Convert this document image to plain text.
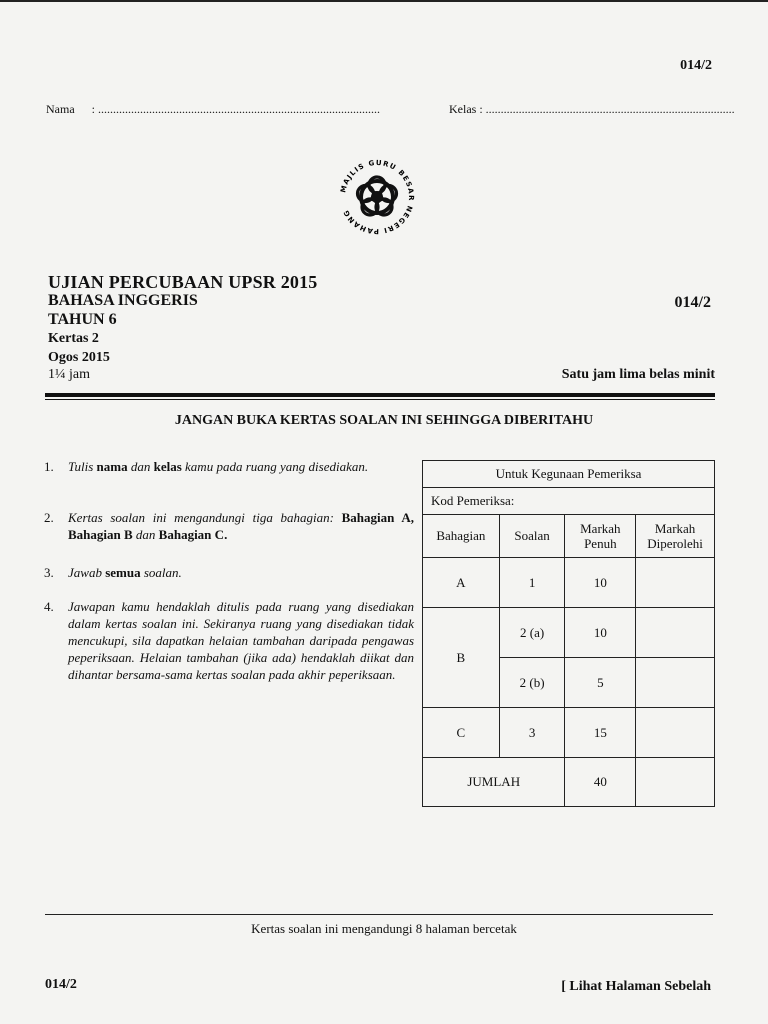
014/2
Nama : ..............................................................................................	Kelas : ...................................................................................
MAJLIS GURU BESAR NEGERI PAHANG
UJIAN PERCUBAAN UPSR 2015
BAHASA INGGERIS	014/2
TAHUN 6
Kertas 2
Ogos 2015
1¼ jam	Satu jam lima belas minit
JANGAN BUKA KERTAS SOALAN INI SEHINGGA DIBERITAHU
1. Tulis nama dan kelas kamu pada ruang yang disediakan.
2. Kertas soalan ini mengandungi tiga bahagian: Bahagian A, Bahagian B dan Bahagian C.
3. Jawab semua soalan.
4. Jawapan kamu hendaklah ditulis pada ruang yang disediakan dalam kertas soalan ini. Sekiranya ruang yang disediakan tidak mencukupi, sila dapatkan helaian tambahan daripada pengawas peperiksaan. Helaian tambahan (jika ada) hendaklah diikat dan dihantar bersama-sama kertas soalan pada akhir peperiksaan.
Untuk Kegunaan Pemeriksa			
Kod Pemeriksa:			
Bahagian	Soalan	Markah Penuh	Markah Diperolehi
A	1	10	
B	2 (a)	10	
	2 (b)	5	
C	3	15	
JUMLAH		40	
Kertas soalan ini mengandungi 8 halaman bercetak
014/2	[ Lihat Halaman Sebelah
